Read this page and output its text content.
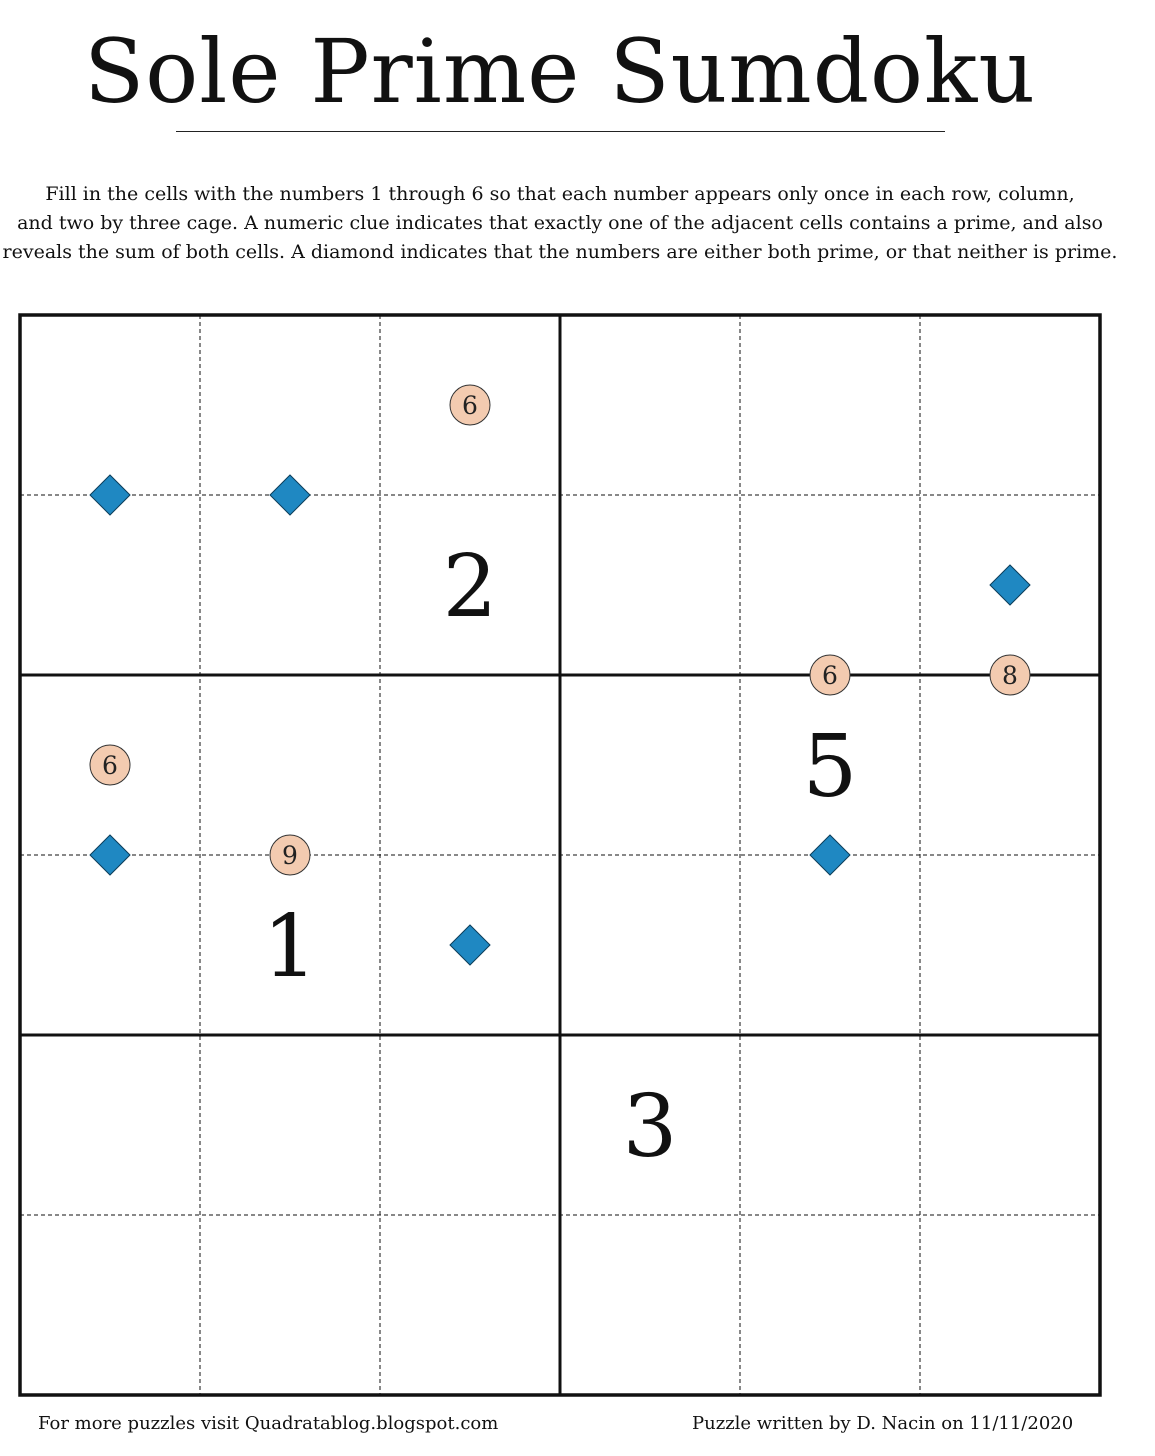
Sole Prime Sumdoku
Fill in the cells with the numbers 1 through 6 so that each number appears only once in each row, column,
and two by three cage. A numeric clue indicates that exactly one of the adjacent cells contains a prime, and also
reveals the sum of both cells. A diamond indicates that the numbers are either both prime, or that neither is prime.
2
5
1
3
6
6	8
6
9
For more puzzles visit Quadratablog.blogspot.com	Puzzle written by D. Nacin on 11/11/2020
